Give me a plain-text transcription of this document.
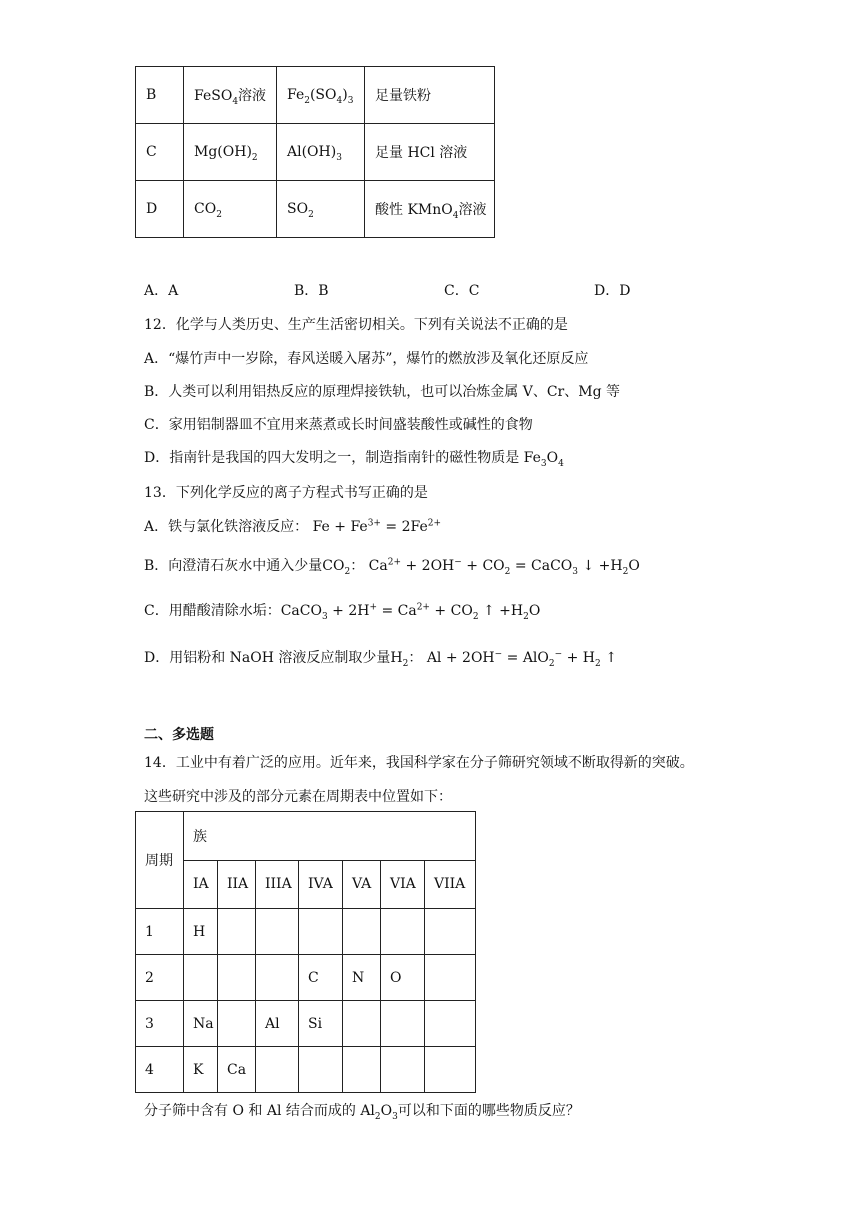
B	FeSO$_4$溶液	$Fe_2(SO_4)_3$	足量铁粉
C	$Mg(OH)_2$	$Al(OH)_3$	足量 HCl 溶液
D	$CO_2$	$SO_2$	酸性 KMnO$_4$溶液
A．A	B．B	C．C	D．D
12．化学与人类历史、生产生活密切相关。下列有关说法不正确的是
A．“爆竹声中一岁除，春风送暖入屠苏”，爆竹的燃放涉及氧化还原反应
B．人类可以利用铝热反应的原理焊接铁轨，也可以冶炼金属 V、Cr、Mg 等
C．家用铝制器皿不宜用来蒸煮或长时间盛装酸性或碱性的食物
D．指南针是我国的四大发明之一，制造指南针的磁性物质是 $Fe_3O_4$
13．下列化学反应的离子方程式书写正确的是
A．铁与氯化铁溶液反应： $Fe + Fe^{3+} = 2Fe^{2+}$
B．向澄清石灰水中通入少量$CO_2$： $Ca^{2+} + 2OH^- + CO_2$ = CaCO$_3$ ↓ $+H_2O$
C．用醋酸清除水垢：CaCO$_3$ + $2H^+ = Ca^{2+} + CO_2$ ↑ $+H_2O$
D．用铝粉和 NaOH 溶液反应制取少量$H_2$： $Al + 2OH^- = AlO_2^- + H_2$ ↑
二、多选题
14．工业中有着广泛的应用。近年来，我国科学家在分子筛研究领域不断取得新的突破。
这些研究中涉及的部分元素在周期表中位置如下：
周期	族						
	IA	IIA	IIIA	IVA	VA	VIA	VIIA
1	H						
2				C	N	O	
3	Na		Al	Si			
4	K	Ca					
分子筛中含有 O 和 Al 结合而成的 $Al_2O_3$可以和下面的哪些物质反应？
